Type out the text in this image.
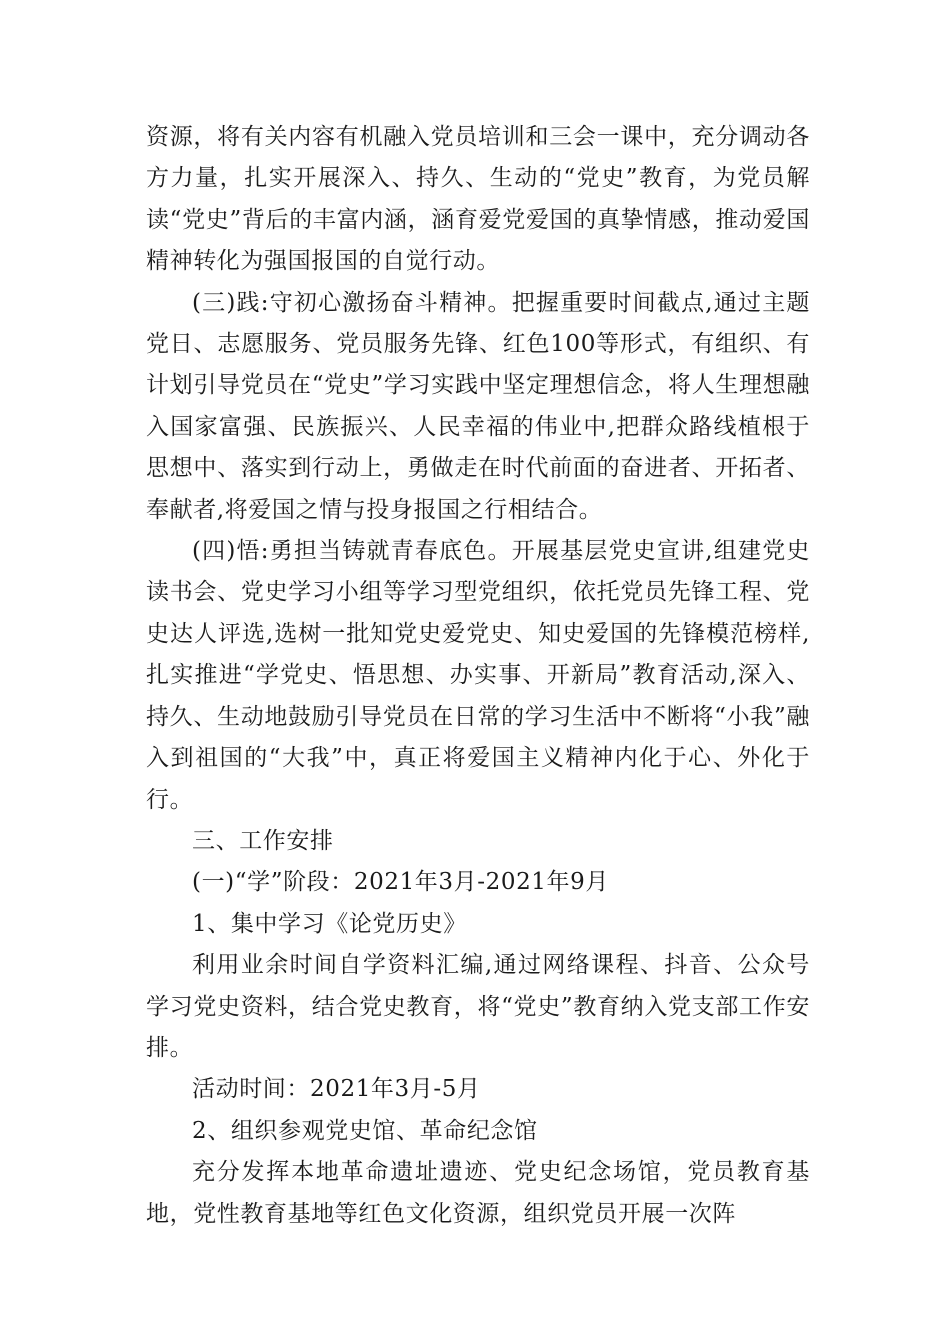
资源，将有关内容有机融入党员培训和三会一课中，充分调动各方力量，扎实开展深入、持久、生动的“党史”教育，为党员解读“党史”背后的丰富内涵，涵育爱党爱国的真挚情感，推动爱国精神转化为强国报国的自觉行动。

(三)践:守初心激扬奋斗精神。把握重要时间截点,通过主题党日、志愿服务、党员服务先锋、红色100等形式，有组织、有计划引导党员在“党史”学习实践中坚定理想信念，将人生理想融入国家富强、民族振兴、人民幸福的伟业中,把群众路线植根于思想中、落实到行动上，勇做走在时代前面的奋进者、开拓者、奉献者,将爱国之情与投身报国之行相结合。

(四)悟:勇担当铸就青春底色。开展基层党史宣讲,组建党史读书会、党史学习小组等学习型党组织，依托党员先锋工程、党史达人评选,选树一批知党史爱党史、知史爱国的先锋模范榜样,扎实推进“学党史、悟思想、办实事、开新局”教育活动,深入、持久、生动地鼓励引导党员在日常的学习生活中不断将“小我”融入到祖国的“大我”中，真正将爱国主义精神内化于心、外化于行。

三、工作安排

(一)“学”阶段：2021年3月-2021年9月

1、集中学习《论党历史》

利用业余时间自学资料汇编,通过网络课程、抖音、公众号学习党史资料，结合党史教育，将“党史”教育纳入党支部工作安排。

活动时间：2021年3月-5月

2、组织参观党史馆、革命纪念馆

充分发挥本地革命遗址遗迹、党史纪念场馆，党员教育基地，党性教育基地等红色文化资源，组织党员开展一次阵
